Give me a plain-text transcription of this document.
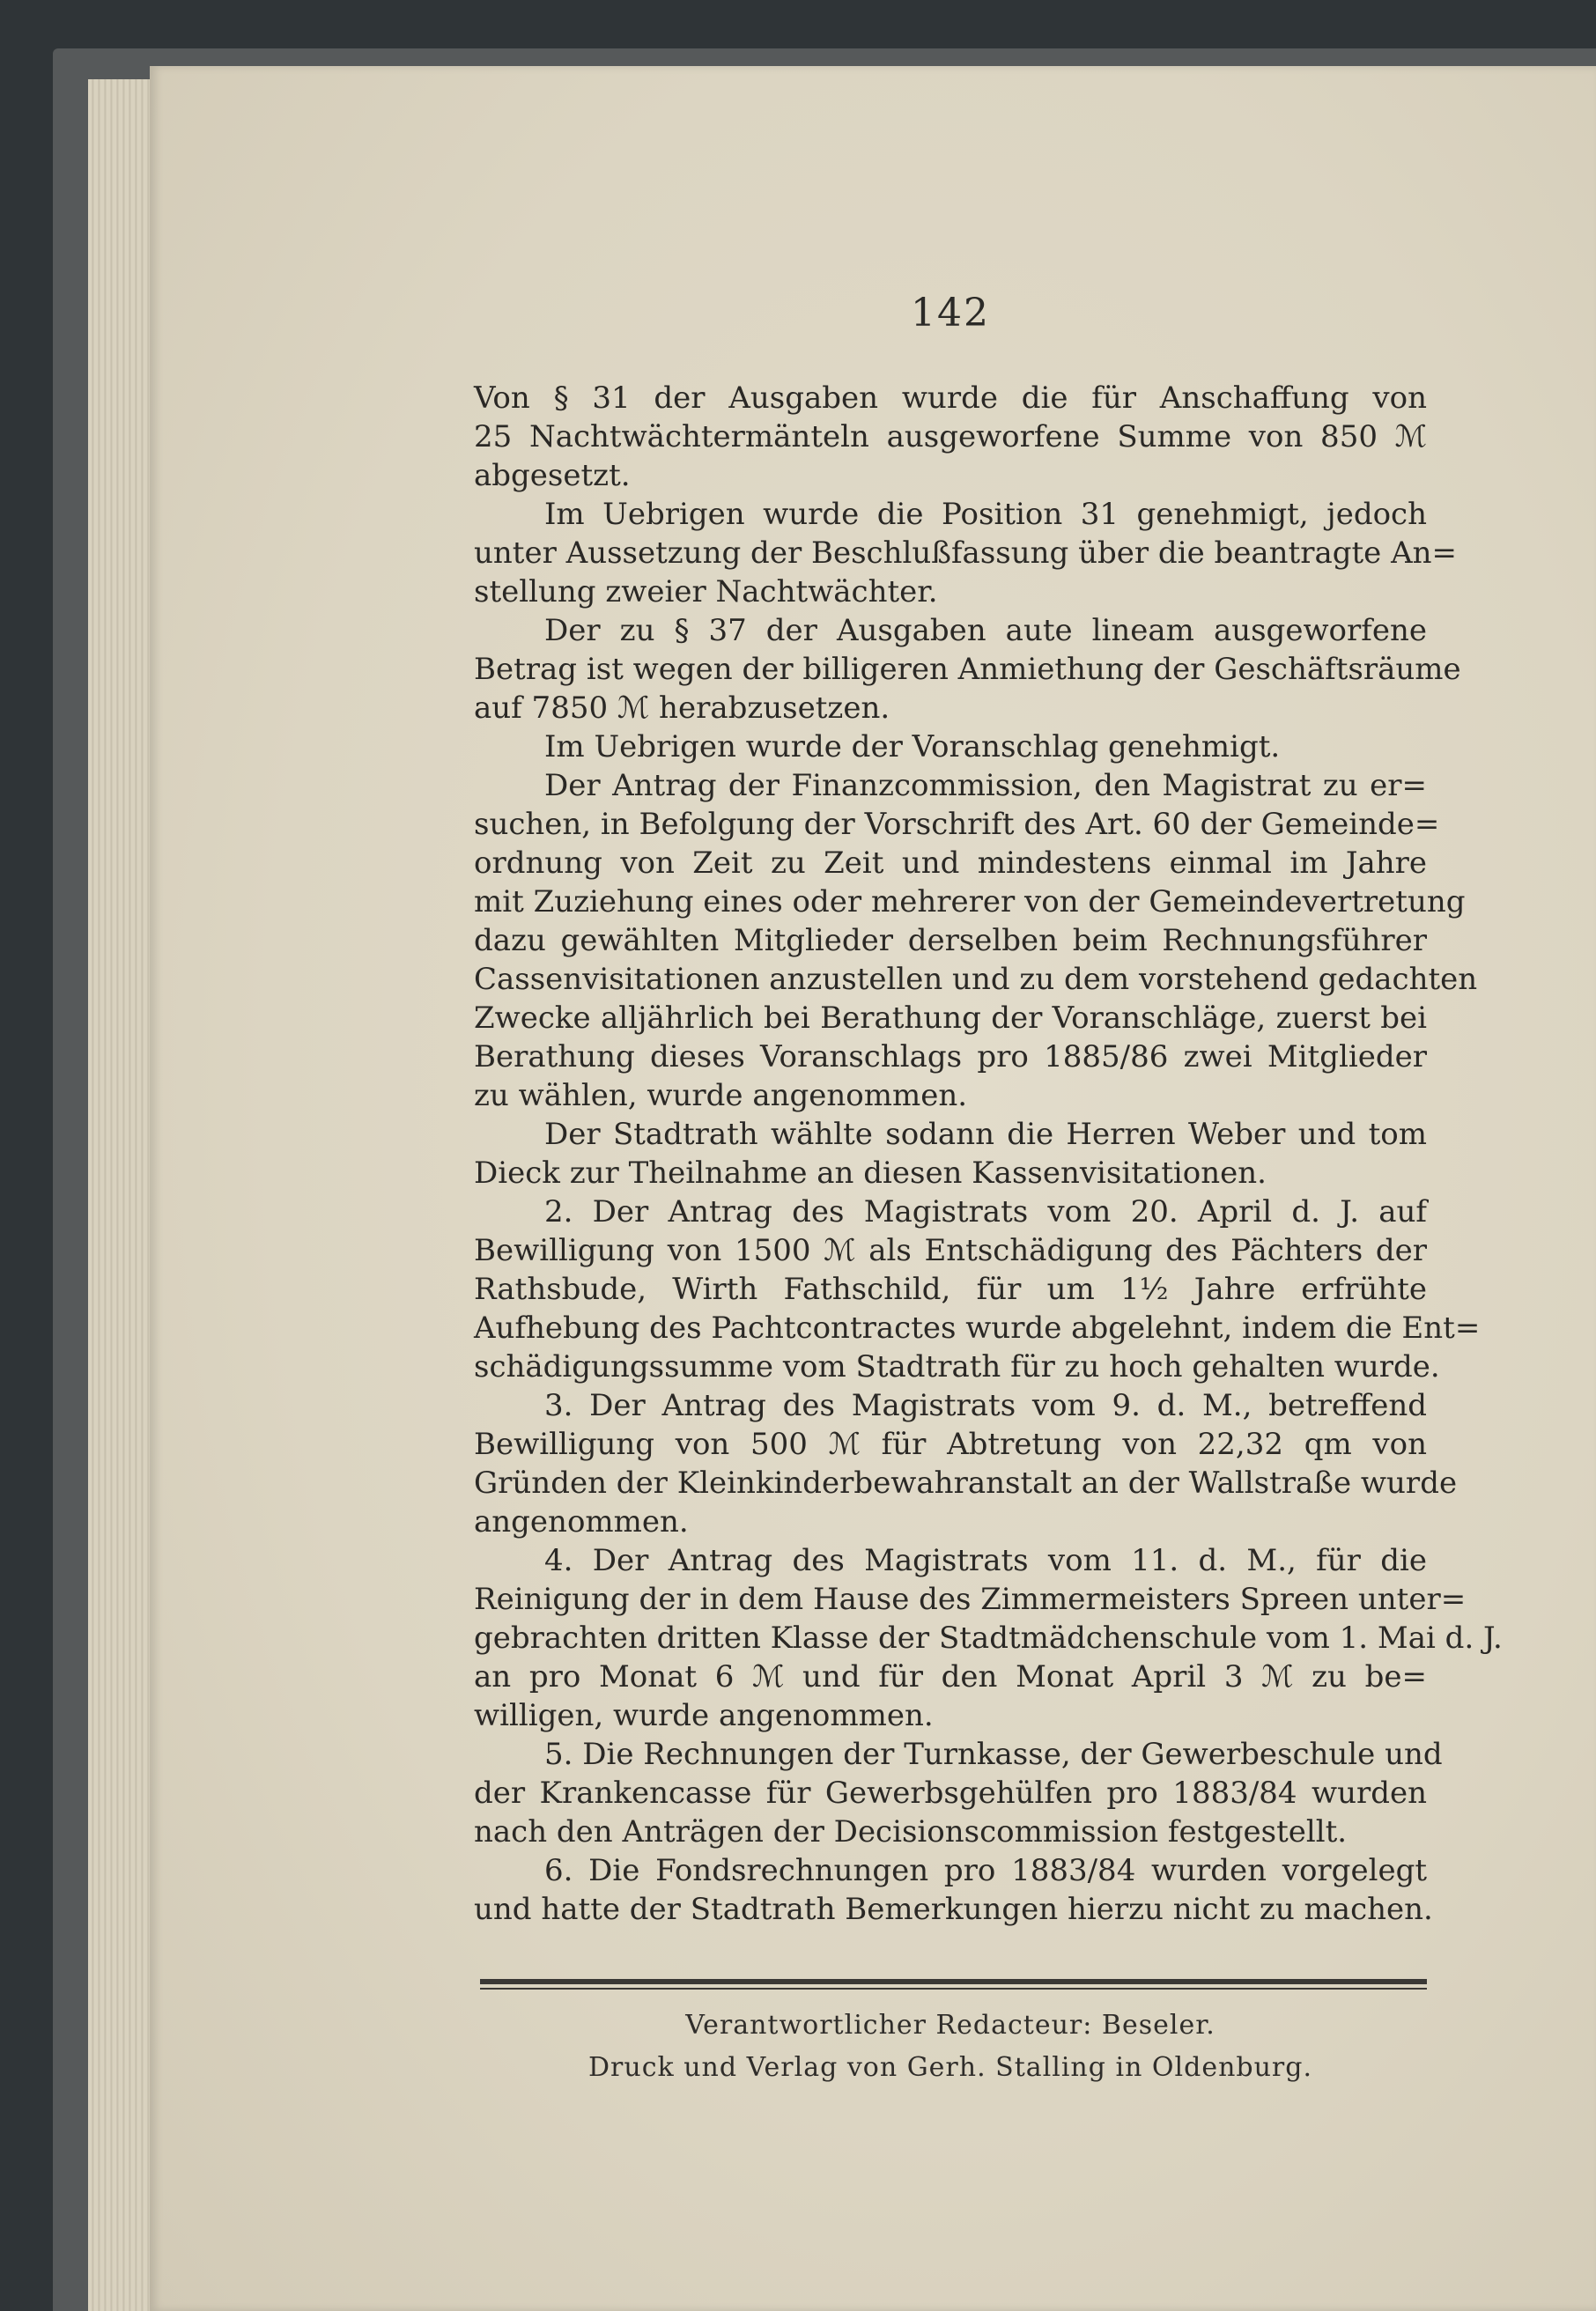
142
Von § 31 der Ausgaben wurde die für Anschaffung von
25 Nachtwächtermänteln ausgeworfene Summe von 850 ℳ
abgesetzt.
Im Uebrigen wurde die Position 31 genehmigt, jedoch
unter Aussetzung der Beschlußfassung über die beantragte An=
stellung zweier Nachtwächter.
Der zu § 37 der Ausgaben aute lineam ausgeworfene
Betrag ist wegen der billigeren Anmiethung der Geschäftsräume
auf 7850 ℳ herabzusetzen.
Im Uebrigen wurde der Voranschlag genehmigt.
Der Antrag der Finanzcommission, den Magistrat zu er=
suchen, in Befolgung der Vorschrift des Art. 60 der Gemeinde=
ordnung von Zeit zu Zeit und mindestens einmal im Jahre
mit Zuziehung eines oder mehrerer von der Gemeindevertretung
dazu gewählten Mitglieder derselben beim Rechnungsführer
Cassenvisitationen anzustellen und zu dem vorstehend gedachten
Zwecke alljährlich bei Berathung der Voranschläge, zuerst bei
Berathung dieses Voranschlags pro 1885/86 zwei Mitglieder
zu wählen, wurde angenommen.
Der Stadtrath wählte sodann die Herren Weber und tom
Dieck zur Theilnahme an diesen Kassenvisitationen.
2. Der Antrag des Magistrats vom 20. April d. J. auf
Bewilligung von 1500 ℳ als Entschädigung des Pächters der
Rathsbude, Wirth Fathschild, für um 1½ Jahre erfrühte
Aufhebung des Pachtcontractes wurde abgelehnt, indem die Ent=
schädigungssumme vom Stadtrath für zu hoch gehalten wurde.
3. Der Antrag des Magistrats vom 9. d. M., betreffend
Bewilligung von 500 ℳ für Abtretung von 22,32 qm von
Gründen der Kleinkinderbewahranstalt an der Wallstraße wurde
angenommen.
4. Der Antrag des Magistrats vom 11. d. M., für die
Reinigung der in dem Hause des Zimmermeisters Spreen unter=
gebrachten dritten Klasse der Stadtmädchenschule vom 1. Mai d. J.
an pro Monat 6 ℳ und für den Monat April 3 ℳ zu be=
willigen, wurde angenommen.
5. Die Rechnungen der Turnkasse, der Gewerbeschule und
der Krankencasse für Gewerbsgehülfen pro 1883/84 wurden
nach den Anträgen der Decisionscommission festgestellt.
6. Die Fondsrechnungen pro 1883/84 wurden vorgelegt
und hatte der Stadtrath Bemerkungen hierzu nicht zu machen.
Verantwortlicher Redacteur: Beseler.
Druck und Verlag von Gerh. Stalling in Oldenburg.
